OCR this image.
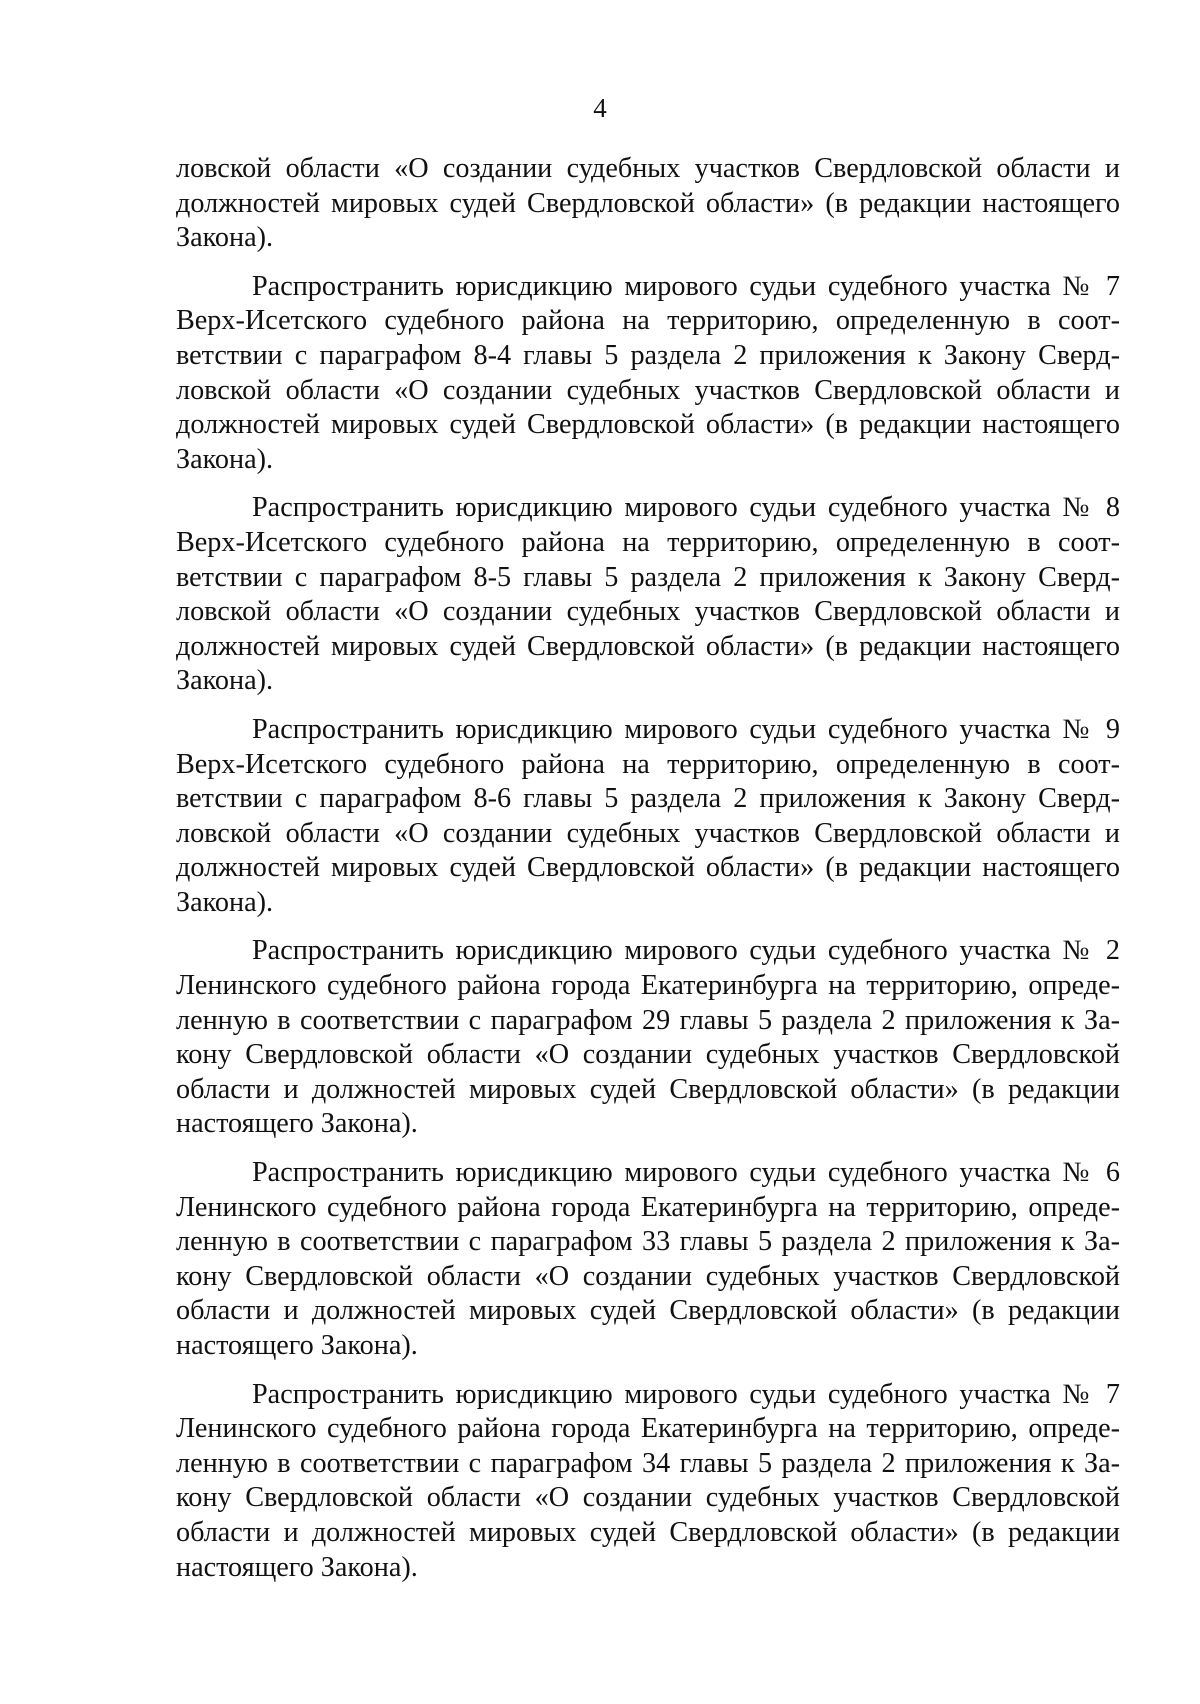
4
ловской области «О создании судебных участков Свердловской области и
должностей мировых судей Свердловской области» (в редакции настоящего
Закона).
Распространить юрисдикцию мирового судьи судебного участка № 7
Верх-Исетского судебного района на территорию, определенную в соот-
ветствии с параграфом 8-4 главы 5 раздела 2 приложения к Закону Сверд-
ловской области «О создании судебных участков Свердловской области и
должностей мировых судей Свердловской области» (в редакции настоящего
Закона).
Распространить юрисдикцию мирового судьи судебного участка № 8
Верх-Исетского судебного района на территорию, определенную в соот-
ветствии с параграфом 8-5 главы 5 раздела 2 приложения к Закону Сверд-
ловской области «О создании судебных участков Свердловской области и
должностей мировых судей Свердловской области» (в редакции настоящего
Закона).
Распространить юрисдикцию мирового судьи судебного участка № 9
Верх-Исетского судебного района на территорию, определенную в соот-
ветствии с параграфом 8-6 главы 5 раздела 2 приложения к Закону Сверд-
ловской области «О создании судебных участков Свердловской области и
должностей мировых судей Свердловской области» (в редакции настоящего
Закона).
Распространить юрисдикцию мирового судьи судебного участка № 2
Ленинского судебного района города Екатеринбурга на территорию, опреде-
ленную в соответствии с параграфом 29 главы 5 раздела 2 приложения к За-
кону Свердловской области «О создании судебных участков Свердловской
области и должностей мировых судей Свердловской области» (в редакции
настоящего Закона).
Распространить юрисдикцию мирового судьи судебного участка № 6
Ленинского судебного района города Екатеринбурга на территорию, опреде-
ленную в соответствии с параграфом 33 главы 5 раздела 2 приложения к За-
кону Свердловской области «О создании судебных участков Свердловской
области и должностей мировых судей Свердловской области» (в редакции
настоящего Закона).
Распространить юрисдикцию мирового судьи судебного участка № 7
Ленинского судебного района города Екатеринбурга на территорию, опреде-
ленную в соответствии с параграфом 34 главы 5 раздела 2 приложения к За-
кону Свердловской области «О создании судебных участков Свердловской
области и должностей мировых судей Свердловской области» (в редакции
настоящего Закона).
